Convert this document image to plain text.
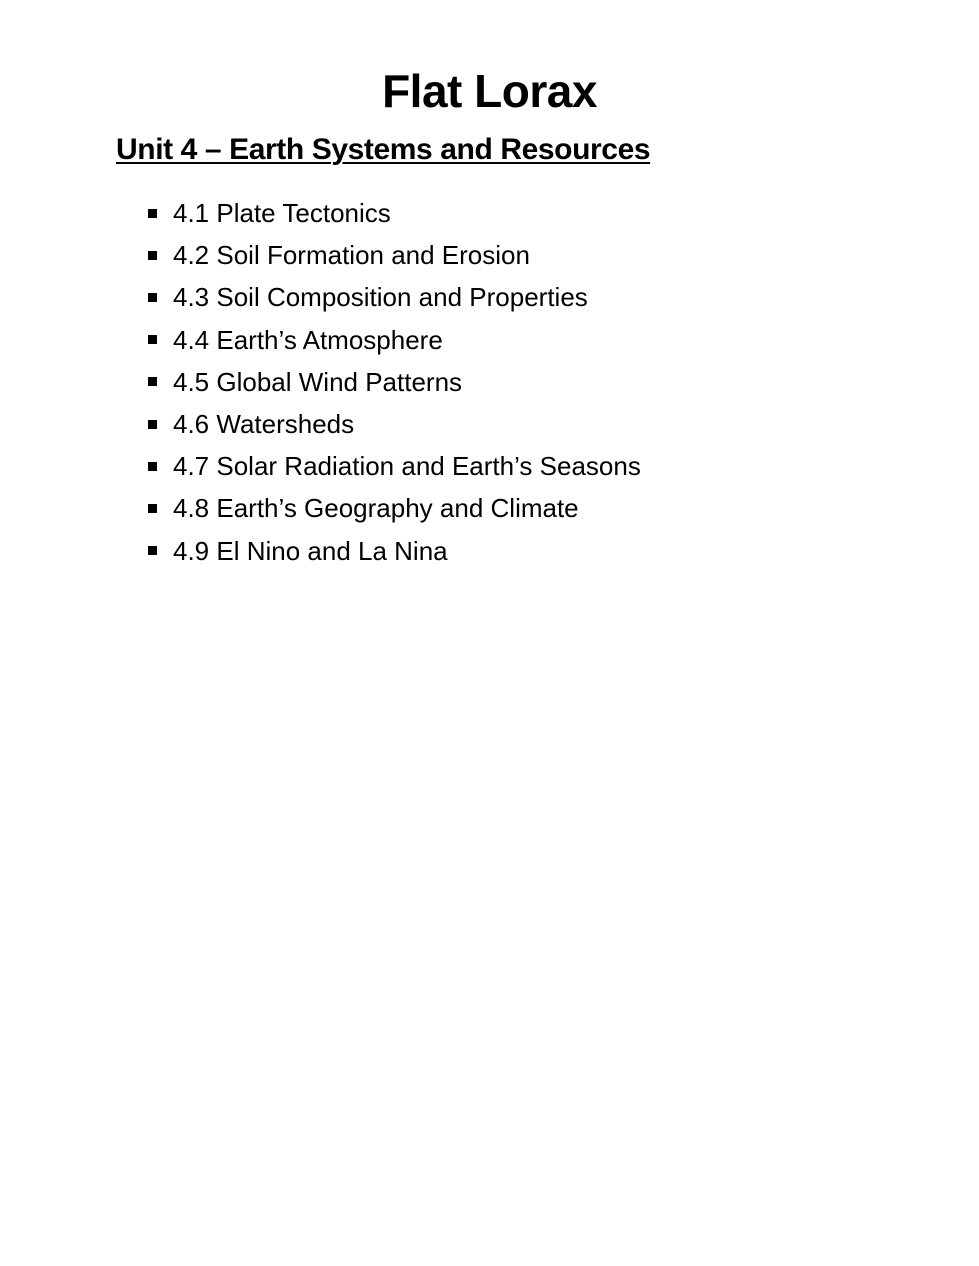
Flat Lorax
Unit 4 – Earth Systems and Resources
4.1 Plate Tectonics
4.2 Soil Formation and Erosion
4.3 Soil Composition and Properties
4.4 Earth’s Atmosphere
4.5 Global Wind Patterns
4.6 Watersheds
4.7 Solar Radiation and Earth’s Seasons
4.8 Earth’s Geography and Climate
4.9 El Nino and La Nina
